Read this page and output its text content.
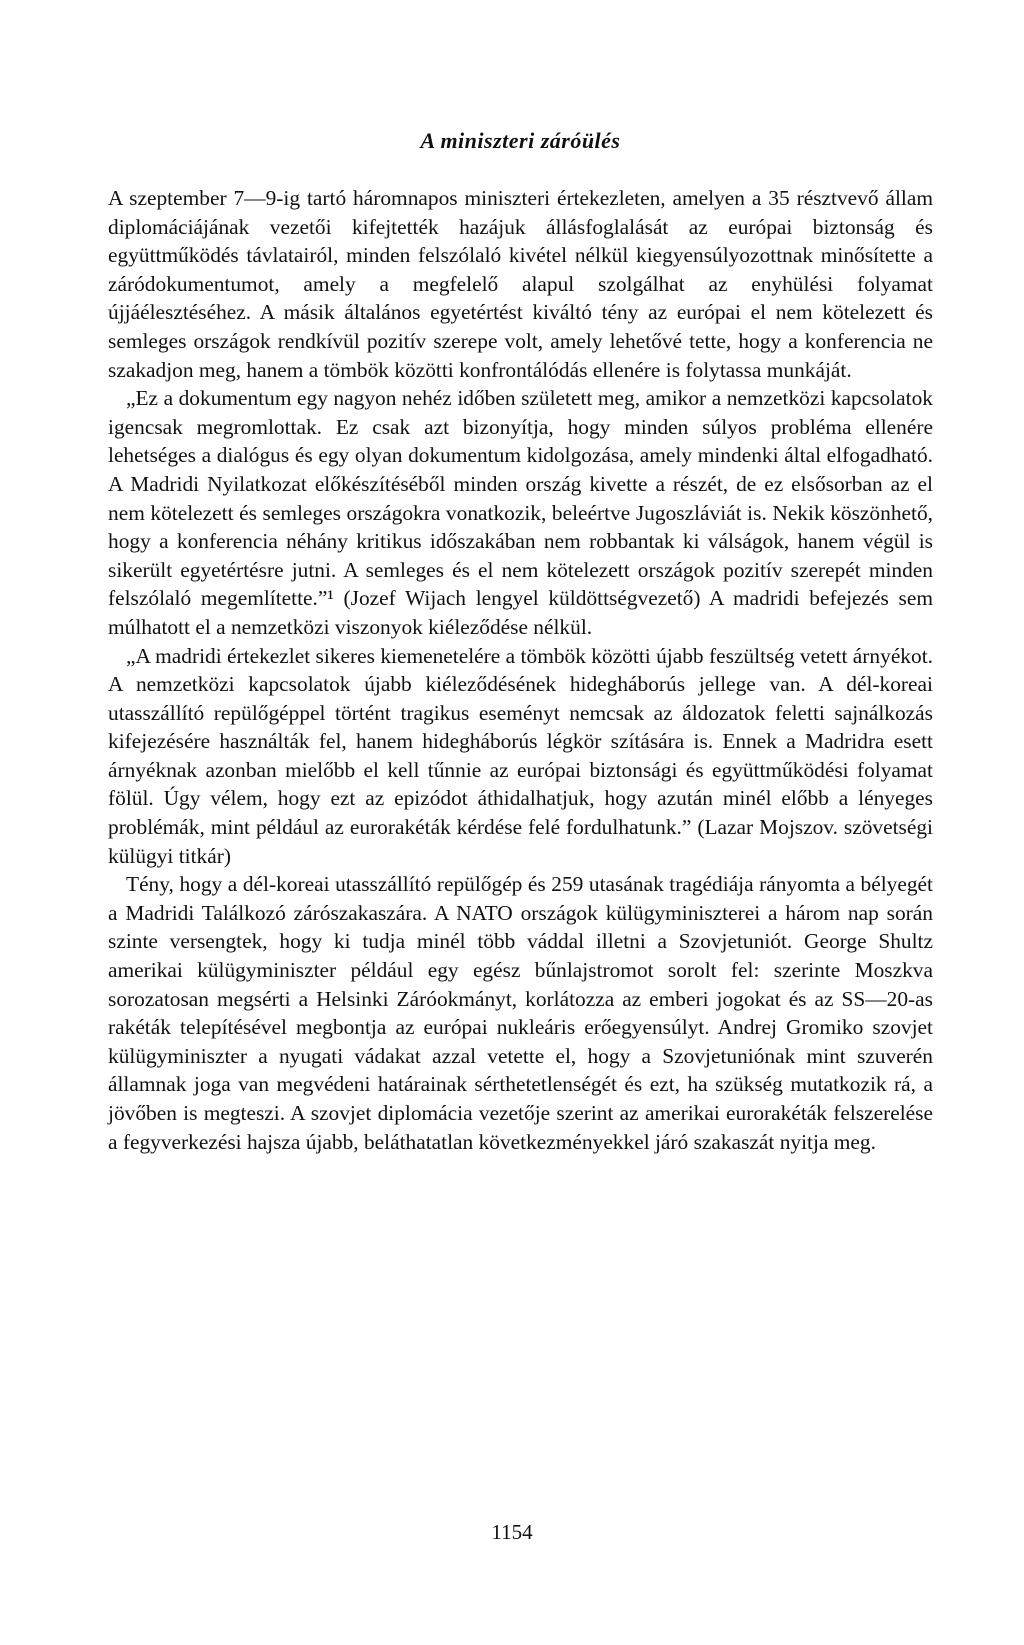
A miniszteri záróülés

A szeptember 7—9-ig tartó háromnapos miniszteri értekezleten, amelyen a 35 résztvevő állam diplomáciájának vezetői kifejtették hazájuk állásfoglalását az európai biztonság és együttműködés távlatairól, minden felszólaló kivétel nélkül kiegyensúlyozottnak minősítette a záródokumentumot, amely a megfelelő alapul szolgálhat az enyhülési folyamat újjáélesztéséhez. A másik általános egyetértést kiváltó tény az európai el nem kötelezett és semleges országok rendkívül pozitív szerepe volt, amely lehetővé tette, hogy a konferencia ne szakadjon meg, hanem a tömbök közötti konfrontálódás ellenére is folytassa munkáját.

„Ez a dokumentum egy nagyon nehéz időben született meg, amikor a nemzetközi kapcsolatok igencsak megromlottak. Ez csak azt bizonyítja, hogy minden súlyos probléma ellenére lehetséges a dialógus és egy olyan dokumentum kidolgozása, amely mindenki által elfogadható. A Madridi Nyilatkozat előkészítéséből minden ország kivette a részét, de ez elsősorban az el nem kötelezett és semleges országokra vonatkozik, beleértve Jugoszláviát is. Nekik köszönhető, hogy a konferencia néhány kritikus időszakában nem robbantak ki válságok, hanem végül is sikerült egyetértésre jutni. A semleges és el nem kötelezett országok pozitív szerepét minden felszólaló megemlítette.”¹ (Jozef Wijach lengyel küldöttségvezető) A madridi befejezés sem múlhatott el a nemzetközi viszonyok kiéleződése nélkül.

„A madridi értekezlet sikeres kiemenetelére a tömbök közötti újabb feszültség vetett árnyékot. A nemzetközi kapcsolatok újabb kiéleződésének hidegháborús jellege van. A dél-koreai utasszállító repülőgéppel történt tragikus eseményt nemcsak az áldozatok feletti sajnálkozás kifejezésére használták fel, hanem hidegháborús légkör szítására is. Ennek a Madridra esett árnyéknak azonban mielőbb el kell tűnnie az európai biztonsági és együttműködési folyamat fölül. Úgy vélem, hogy ezt az epizódot áthidalhatjuk, hogy azután minél előbb a lényeges problémák, mint például az eurorakéták kérdése felé fordulhatunk.” (Lazar Mojszov. szövetségi külügyi titkár)

Tény, hogy a dél-koreai utasszállító repülőgép és 259 utasának tragédiája rányomta a bélyegét a Madridi Találkozó zárószakaszára. A NATO országok külügyminiszterei a három nap során szinte versengtek, hogy ki tudja minél több váddal illetni a Szovjetuniót. George Shultz amerikai külügyminiszter például egy egész bűnlajstromot sorolt fel: szerinte Moszkva sorozatosan megsérti a Helsinki Záróokmányt, korlátozza az emberi jogokat és az SS—20-as rakéták telepítésével megbontja az európai nukleáris erőegyensúlyt. Andrej Gromiko szovjet külügyminiszter a nyugati vádakat azzal vetette el, hogy a Szovjetuniónak mint szuverén államnak joga van megvédeni határainak sérthetetlenségét és ezt, ha szükség mutatkozik rá, a jövőben is megteszi. A szovjet diplomácia vezetője szerint az amerikai eurorakéták felszerelése a fegyverkezési hajsza újabb, beláthatatlan következményekkel járó szakaszát nyitja meg.

1154
